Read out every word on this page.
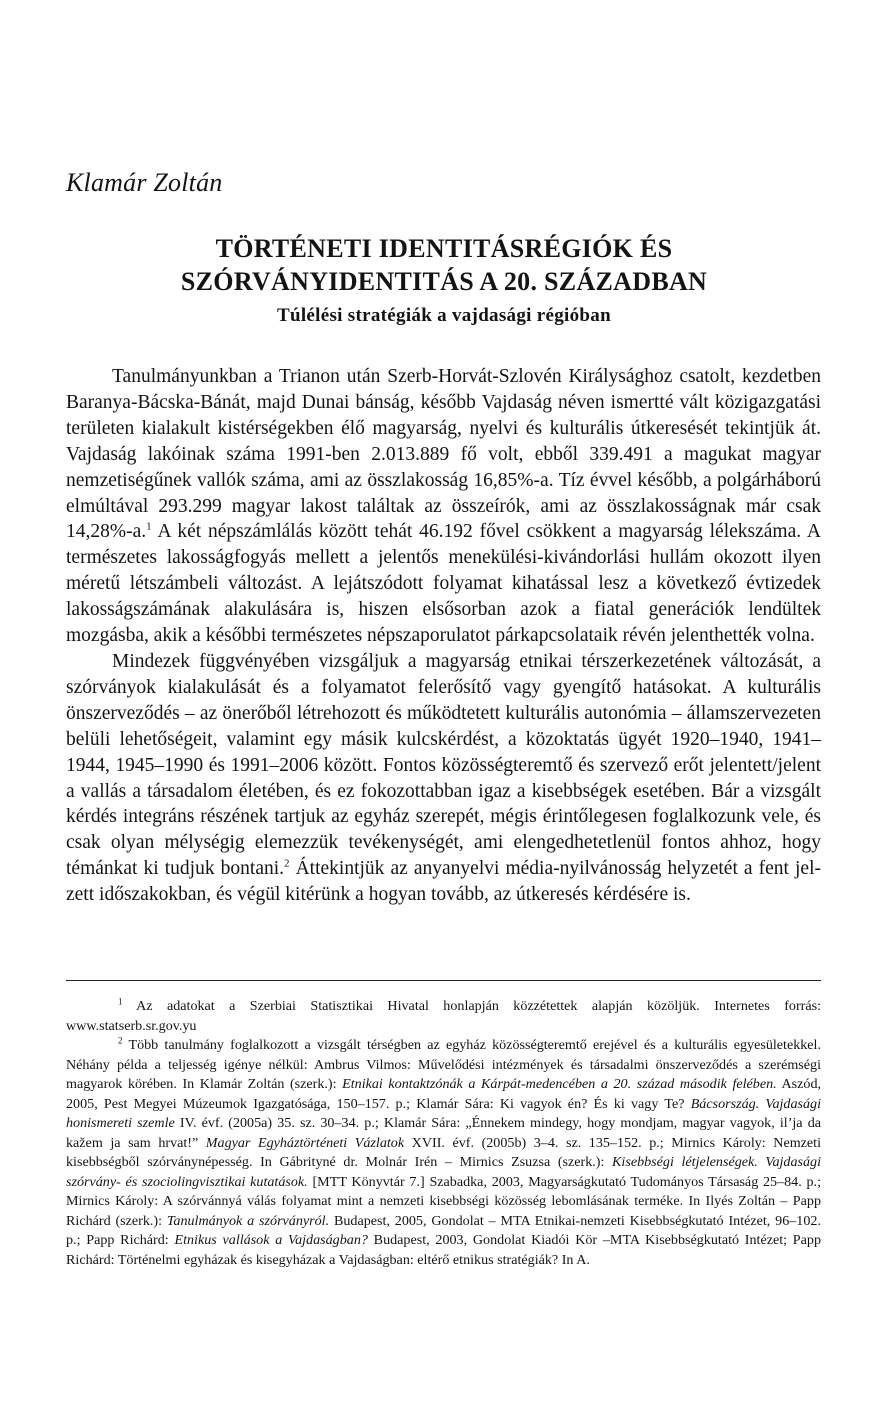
Klamár Zoltán
TÖRTÉNETI IDENTITÁSRÉGIÓK ÉS
SZÓRVÁNYIDENTITÁS A 20. SZÁZADBAN
Túlélési stratégiák a vajdasági régióban

Tanulmányunkban a Trianon után Szerb-Horvát-Szlovén Királysághoz csatolt, kezdetben Baranya-Bácska-Bánát, majd Dunai bánság, később Vajdaság néven ismertté vált közigazgatási területen kialakult kistérségekben élő magyarság, nyelvi és kulturális útkeresését tekintjük át. Vajdaság lakóinak száma 1991-ben 2.013.889 fő volt, ebből 339.491 a magukat magyar nemzetiségűnek vallók száma, ami az összlakosság 16,85%-a. Tíz évvel később, a polgárháború elmúltával 293.299 magyar lakost találtak az összeírók, ami az összlakosságnak már csak 14,28%-a.$^1$ A két népszámlálás között tehát 46.192 fővel csökkent a magyarság lélekszáma. A természetes lakosságfogyás mellett a jelentős menekülési-kivándorlási hullám okozott ilyen méretű létszámbeli változást. A lejátszódott folyamat kihatással lesz a következő évtizedek lakosságszámának alakulására is, hiszen elsősorban azok a fiatal generációk lendültek mozgásba, akik a későbbi természetes népszaporulatot párkapcsolataik révén jelenthették volna.

Mindezek függvényében vizsgáljuk a magyarság etnikai térszerkezetének változását, a szórványok kialakulását és a folyamatot felerősítő vagy gyengítő hatásokat. A kulturális önszerveződés – az önerőből létrehozott és működtetett kulturális autonómia – államszervezeten belüli lehetőségeit, valamint egy másik kulcskérdést, a közoktatás ügyét 1920–1940, 1941–1944, 1945–1990 és 1991–2006 között. Fontos közösségteremtő és szervező erőt jelentett/jelent a vallás a társadalom életében, és ez fokozottabban igaz a kisebbségek esetében. Bár a vizsgált kérdés integráns részének tartjuk az egyház szerepét, mégis érintőlegesen foglalkozunk vele, és csak olyan mélységig elemezzük tevékenységét, ami elengedhetetlenül fontos ahhoz, hogy témánkat ki tudjuk bontani.$^2$ Áttekintjük az anyanyelvi média-nyilvánosság helyzetét a fent jelzett időszakokban, és végül kitérünk a hogyan tovább, az útkeresés kérdésére is.

$^1$ Az adatokat a Szerbiai Statisztikai Hivatal honlapján közzétettek alapján közöljük. Internetes forrás: www.statserb.sr.gov.yu

$^2$ Több tanulmány foglalkozott a vizsgált térségben az egyház közösségteremtő erejével és a kulturális egyesületekkel. Néhány példa a teljesség igénye nélkül: Ambrus Vilmos: Művelődési intézmények és társadalmi önszerveződés a szerémségi magyarok körében. In Klamár Zoltán (szerk.): Etnikai kontaktzónák a Kárpát-medencében a 20. század második felében. Aszód, 2005, Pest Megyei Múzeumok Igazgatósága, 150–157. p.; Klamár Sára: Ki vagyok én? És ki vagy Te? Bácsország. Vajdasági honismereti szemle IV. évf. (2005a) 35. sz. 30–34. p.; Klamár Sára: „Énnekem mindegy, hogy mondjam, magyar vagyok, il’ja da kažem ja sam hrvat!” Magyar Egyháztörténeti Vázlatok XVII. évf. (2005b) 3–4. sz. 135–152. p.; Mirnics Károly: Nemzeti kisebbségből szórványnépesség. In Gábrityné dr. Molnár Irén – Mirnics Zsuzsa (szerk.): Kisebbségi létjelenségek. Vajdasági szórvány- és szociolingvisztikai kutatások. [MTT Könyvtár 7.] Szabadka, 2003, Magyarságkutató Tudományos Társaság 25–84. p.; Mirnics Károly: A szórvánnyá válás folyamat mint a nemzeti kisebbségi közösség lebomlásának terméke. In Ilyés Zoltán – Papp Richárd (szerk.): Tanulmányok a szórványról. Budapest, 2005, Gondolat – MTA Etnikai-nemzeti Kisebbségkutató Intézet, 96–102. p.; Papp Richárd: Etnikus vallások a Vajdaságban? Budapest, 2003, Gondolat Kiadói Kör –MTA Kisebbségkutató Intézet; Papp Richárd: Történelmi egyházak és kisegyházak a Vajdaságban: eltérő etnikus stratégiák? In A.
